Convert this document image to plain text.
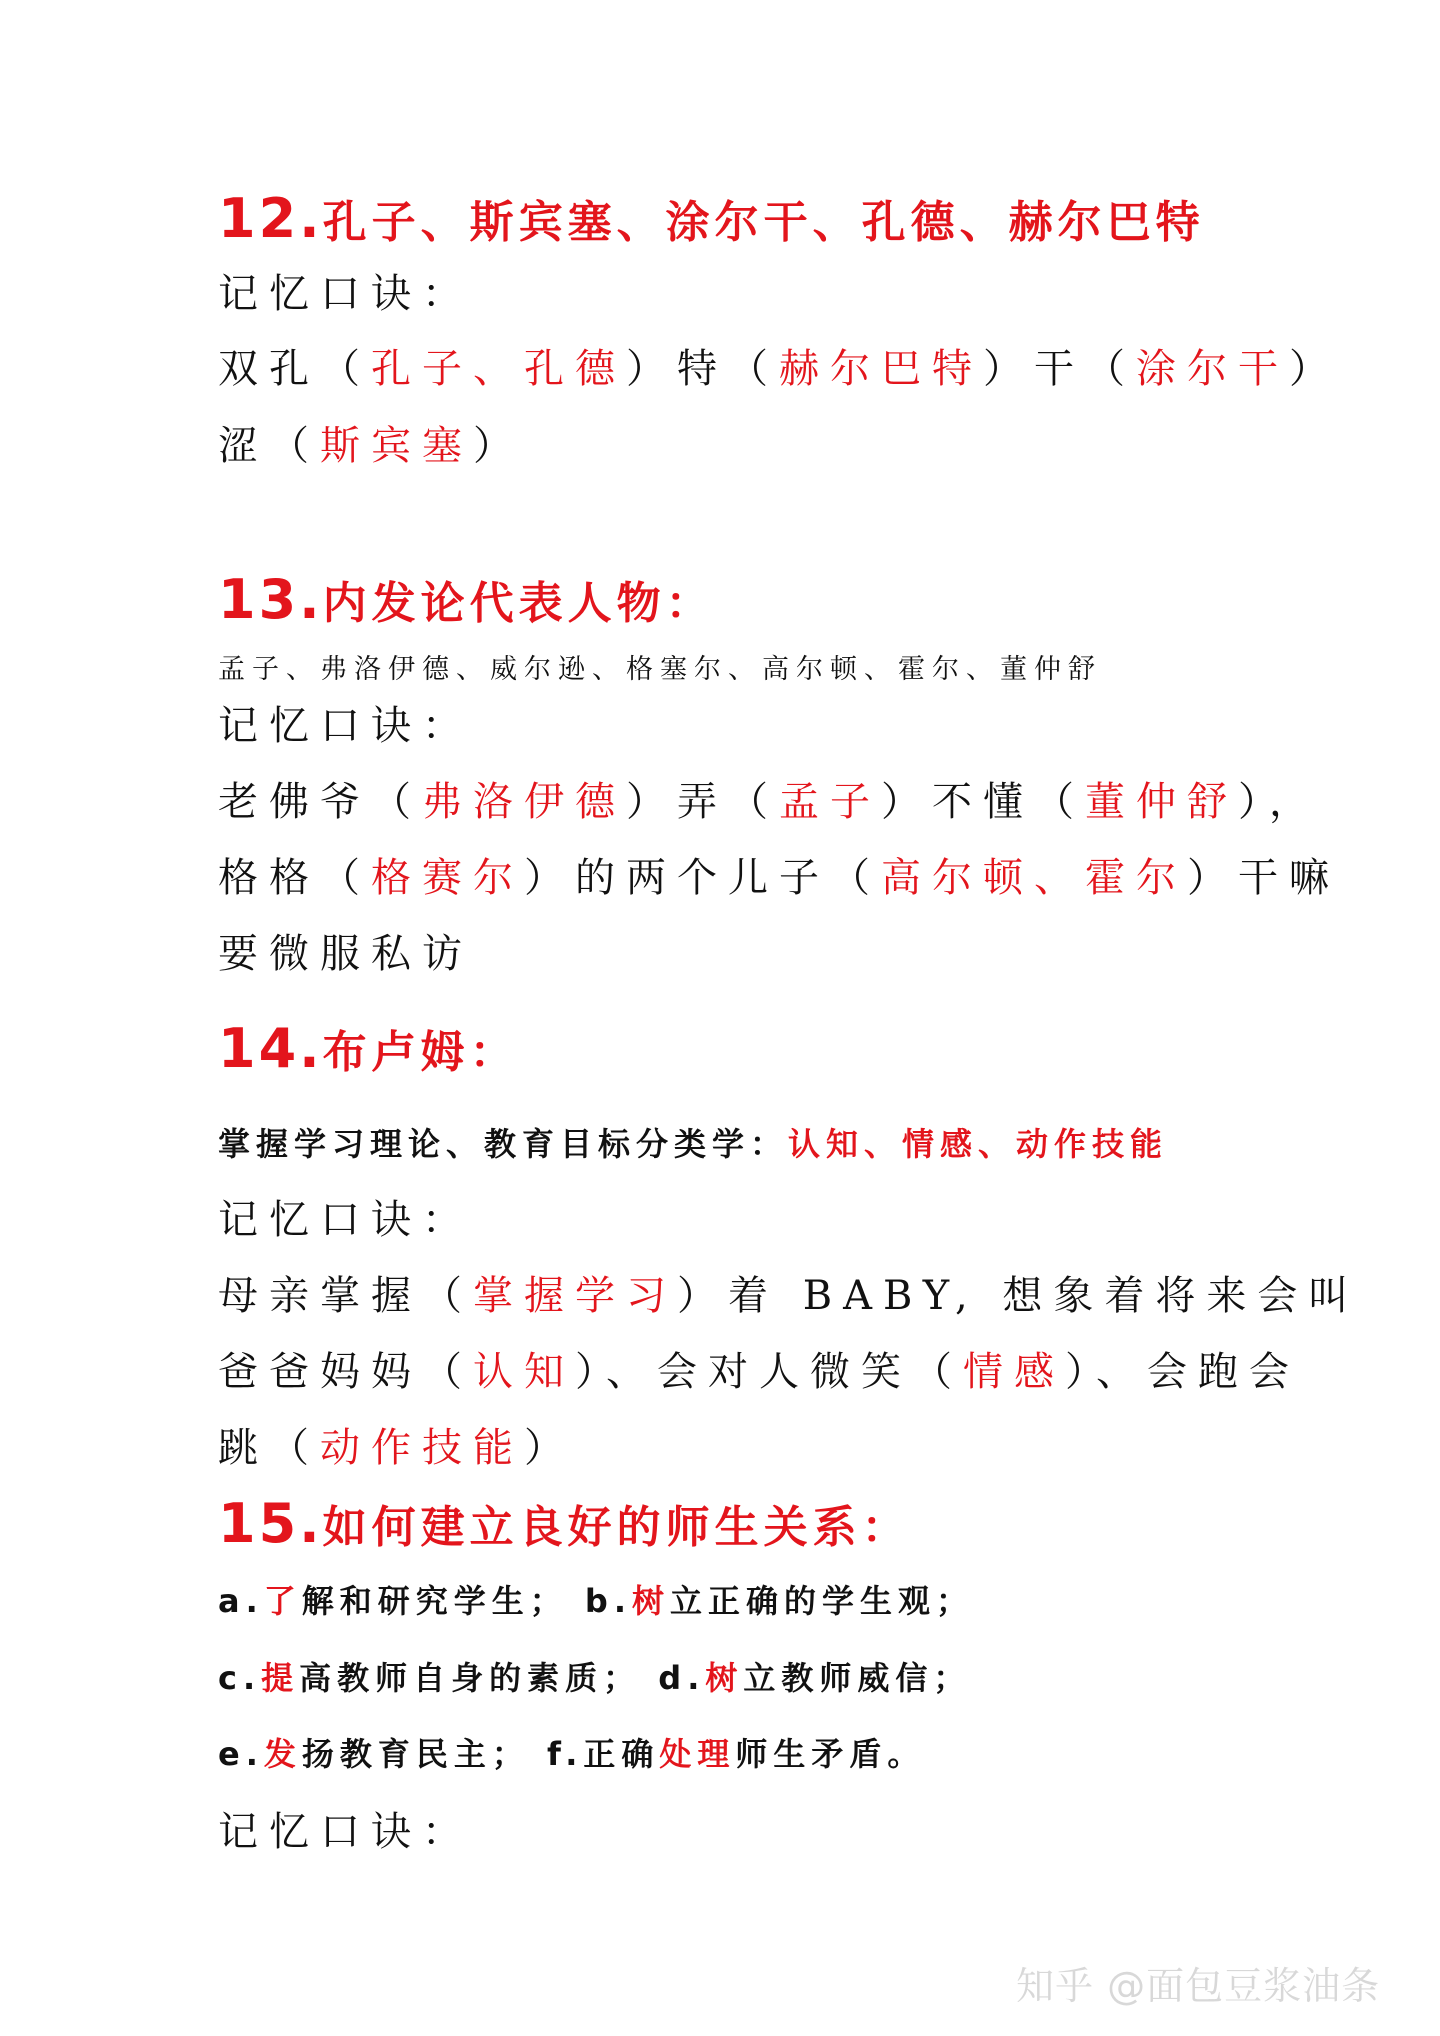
12.孔子、斯宾塞、涂尔干、孔德、赫尔巴特
记忆口诀：
双孔（孔子、孔德）特（赫尔巴特）干（涂尔干）
涩（斯宾塞）
13.内发论代表人物：
孟子、弗洛伊德、威尔逊、格塞尔、高尔顿、霍尔、董仲舒
记忆口诀：
老佛爷（弗洛伊德）弄（孟子）不懂（董仲舒），
格格（格赛尔）的两个儿子（高尔顿、霍尔）干嘛
要微服私访
14.布卢姆：
掌握学习理论、教育目标分类学：认知、情感、动作技能
记忆口诀：
母亲掌握（掌握学习）着 BABY, 想象着将来会叫
爸爸妈妈（认知）、会对人微笑（情感）、会跑会
跳（动作技能）
15.如何建立良好的师生关系：
a.了解和研究学生； b.树立正确的学生观；
c.提高教师自身的素质； d.树立教师威信；
e.发扬教育民主； f.正确处理师生矛盾。
记忆口诀：
知乎 @面包豆浆油条
